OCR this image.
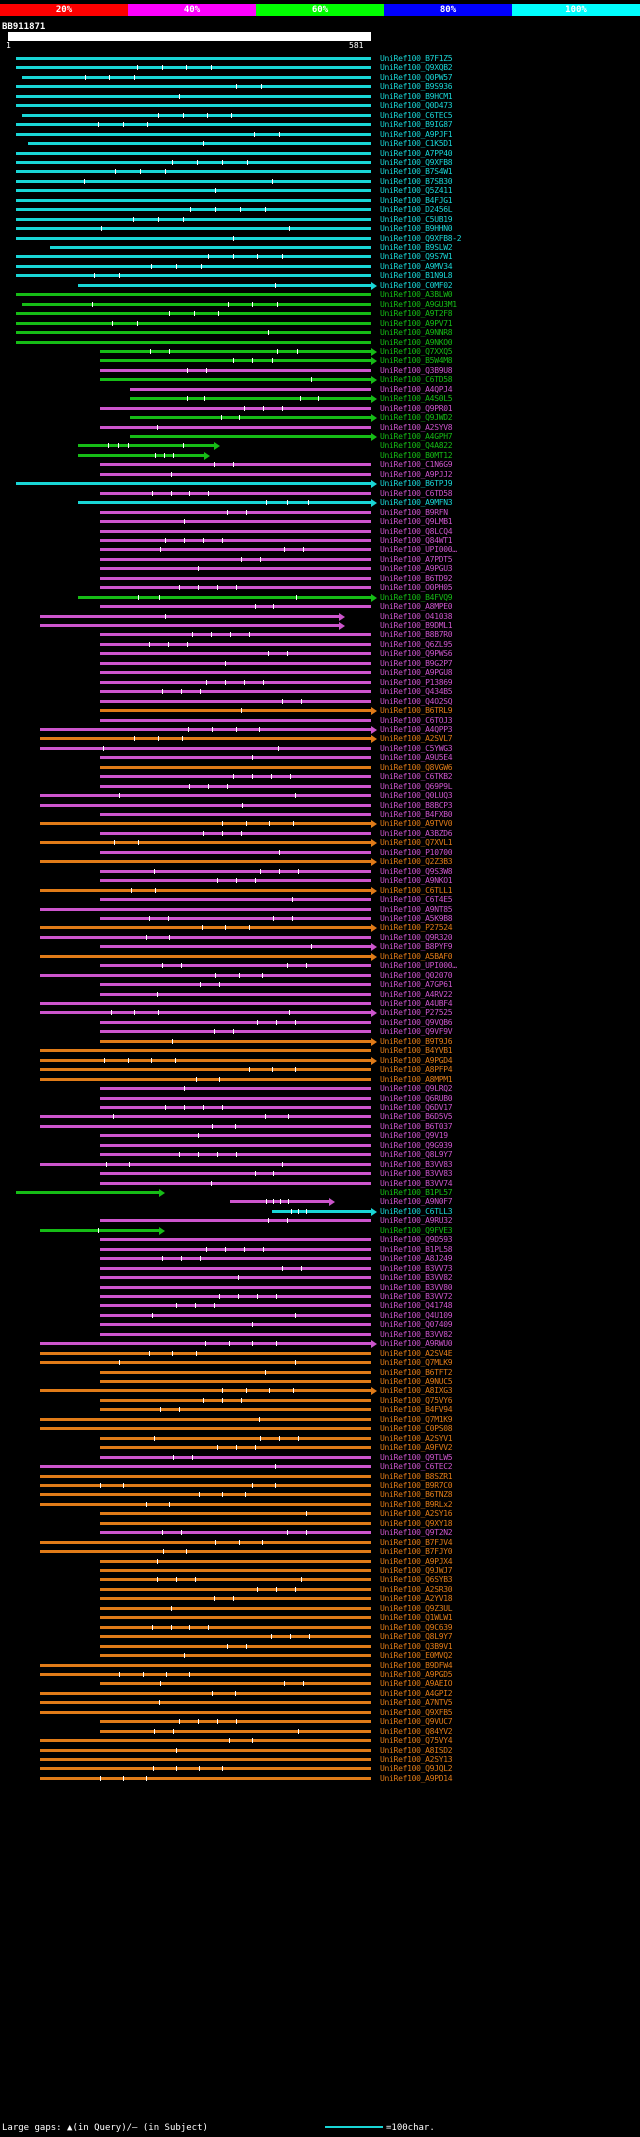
20%	40%	60%	80%	100%
BB911871
1	581
UniRef100_B7F1Z5
UniRef100_Q9XQB2
UniRef100_Q0PW57
UniRef100_B9S936
UniRef100_B9HCM1
UniRef100_Q0D473
UniRef100_C6TEC5
UniRef100_B9IG87
UniRef100_A9PJF1
UniRef100_C1K5D1
UniRef100_A7PP40
UniRef100_Q9XFB8
UniRef100_B7S4W1
UniRef100_B7SB30
UniRef100_Q5Z411
UniRef100_B4FJG1
UniRef100_D2456L
UniRef100_C5UB19
UniRef100_B9HHN0
UniRef100_Q9XFB8-2
UniRef100_B9SLW2
UniRef100_Q9S7W1
UniRef100_A9MV34
UniRef100_B1N9L8
UniRef100_C0MF02
UniRef100_A3BLW0
UniRef100_A9GU3M1
UniRef100_A9T2F8
UniRef100_A9PV71
UniRef100_A9NNR8
UniRef100_A9NKO0
UniRef100_Q7XXQ5
UniRef100_B5W4M8
UniRef100_Q3B9U8
UniRef100_C6TD58
UniRef100_A4QPJ4
UniRef100_A4S0L5
UniRef100_Q9PR01
UniRef100_Q9JWD2
UniRef100_A2SYV8
UniRef100_A4GPH7
UniRef100_Q4A822
UniRef100_B0MT12
UniRef100_C1N6G9
UniRef100_A9PJJ2
UniRef100_B6TPJ9
UniRef100_C6TD58
UniRef100_A9MFN3
UniRef100_B9RFN
UniRef100_Q9LMB1
UniRef100_Q8LCQ4
UniRef100_Q84WT1
UniRef100_UPI000…
UniRef100_A7PDT5
UniRef100_A9PGU3
UniRef100_B6TD92
UniRef100_O0PH05
UniRef100_B4FVQ9
UniRef100_A8MPE0
UniRef100_O41038
UniRef100_B9DML1
UniRef100_B8B7R0
UniRef100_Q6ZL95
UniRef100_Q9PWS6
UniRef100_B9G2P7
UniRef100_A9PGU8
UniRef100_P13869
UniRef100_Q434B5
UniRef100_Q4O2SQ
UniRef100_B6TRL9
UniRef100_C6TOJ3
UniRef100_A4QPP3
UniRef100_A2SVL7
UniRef100_C5YWG3
UniRef100_A9U5E4
UniRef100_Q8VGW6
UniRef100_C6TKB2
UniRef100_Q69P9L
UniRef100_Q0LUQ3
UniRef100_B8BCP3
UniRef100_B4FXB0
UniRef100_A9TVV0
UniRef100_A3BZD6
UniRef100_Q7XVL1
UniRef100_P10700
UniRef100_Q2Z3B3
UniRef100_Q9S3W8
UniRef100_A9NKO1
UniRef100_C6TLL1
UniRef100_C6T4E5
UniRef100_A9NT85
UniRef100_A5K9B8
UniRef100_P27524
UniRef100_Q9R320
UniRef100_B8PYF9
UniRef100_A5BAF0
UniRef100_UPI000…
UniRef100_Q02070
UniRef100_A7GP61
UniRef100_A4RV22
UniRef100_A4UBF4
UniRef100_P27525
UniRef100_Q9VQB6
UniRef100_Q9VF9V
UniRef100_B9T9J6
UniRef100_B4YVB1
UniRef100_A9PGD4
UniRef100_A8PFP4
UniRef100_A8MPM1
UniRef100_Q9LRQ2
UniRef100_Q6RUB0
UniRef100_Q6DV17
UniRef100_B6D5V5
UniRef100_B6T037
UniRef100_Q9V19
UniRef100_Q9G939
UniRef100_Q8L9Y7
UniRef100_B3VV83
UniRef100_B3VV83
UniRef100_B3VV74
UniRef100_B1PL57
UniRef100_A9N0F7
UniRef100_C6TLL3
UniRef100_A9RU32
UniRef100_Q9FVE3
UniRef100_Q9D593
UniRef100_B1PL58
UniRef100_A8J249
UniRef100_B3VV73
UniRef100_B3VV82
UniRef100_B3VV80
UniRef100_B3VV72
UniRef100_Q41748
UniRef100_Q4U109
UniRef100_Q07409
UniRef100_B3VV82
UniRef100_A9RWU0
UniRef100_A2SV4E
UniRef100_Q7MLK9
UniRef100_B6TFT2
UniRef100_A9NUC5
UniRef100_A8IXG3
UniRef100_Q75VY6
UniRef100_B4FV94
UniRef100_Q7M1K9
UniRef100_C0PS08
UniRef100_A2SYV1
UniRef100_A9FVV2
UniRef100_Q9TLW5
UniRef100_C6TEC2
UniRef100_B8SZR1
UniRef100_B9R7C0
UniRef100_B6TNZ8
UniRef100_B9RLx2
UniRef100_A2SY16
UniRef100_Q9XY18
UniRef100_Q9T2N2
UniRef100_B7FJV4
UniRef100_B7FJY0
UniRef100_A9PJX4
UniRef100_Q9JWJ7
UniRef100_Q6SYB3
UniRef100_A2SR30
UniRef100_A2YV18
UniRef100_Q9Z3UL
UniRef100_Q1WLW1
UniRef100_Q9C639
UniRef100_Q8L9Y7
UniRef100_Q3B9V1
UniRef100_E0MVQ2
UniRef100_B9DFW4
UniRef100_A9PGD5
UniRef100_A9AEIO
UniRef100_A4GPI2
UniRef100_A7NTV5
UniRef100_Q9XFB5
UniRef100_Q9VUC7
UniRef100_Q84YV2
UniRef100_Q75VY4
UniRef100_A8ISD2
UniRef100_A2SY13
UniRef100_Q9JQL2
UniRef100_A9PD14
Large gaps: ▲(in Query)/– (in Subject)	=100char.
